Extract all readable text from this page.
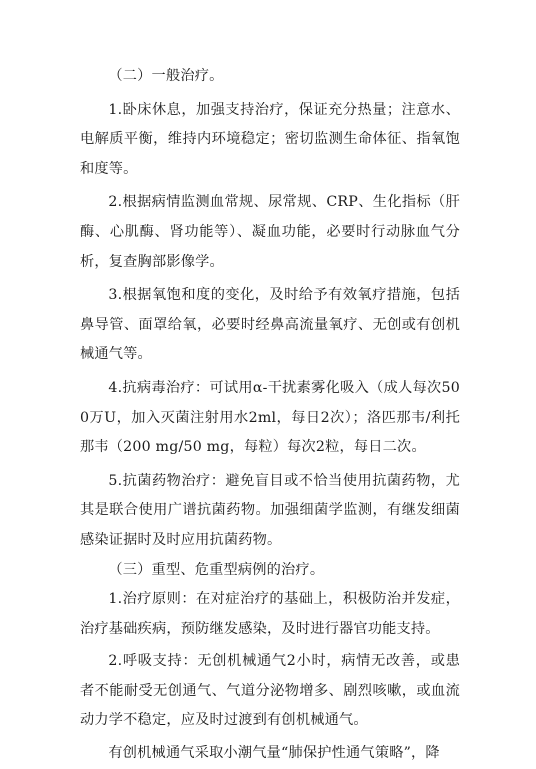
（二）一般治疗。

1.卧床休息，加强支持治疗，保证充分热量；注意水、电解质平衡，维持内环境稳定；密切监测生命体征、指氧饱和度等。

2.根据病情监测血常规、尿常规、CRP、生化指标（肝酶、心肌酶、肾功能等）、凝血功能，必要时行动脉血气分析，复查胸部影像学。

3.根据氧饱和度的变化，及时给予有效氧疗措施，包括鼻导管、面罩给氧，必要时经鼻高流量氧疗、无创或有创机械通气等。

4.抗病毒治疗：可试用α-干扰素雾化吸入（成人每次500万U，加入灭菌注射用水2ml，每日2次）；洛匹那韦/利托那韦（200 mg/50 mg，每粒）每次2粒，每日二次。

5.抗菌药物治疗：避免盲目或不恰当使用抗菌药物，尤其是联合使用广谱抗菌药物。加强细菌学监测，有继发细菌感染证据时及时应用抗菌药物。

（三）重型、危重型病例的治疗。

1.治疗原则：在对症治疗的基础上，积极防治并发症，治疗基础疾病，预防继发感染，及时进行器官功能支持。

2.呼吸支持：无创机械通气2小时，病情无改善，或患者不能耐受无创通气、气道分泌物增多、剧烈咳嗽，或血流动力学不稳定，应及时过渡到有创机械通气。

有创机械通气采取小潮气量“肺保护性通气策略”，降
